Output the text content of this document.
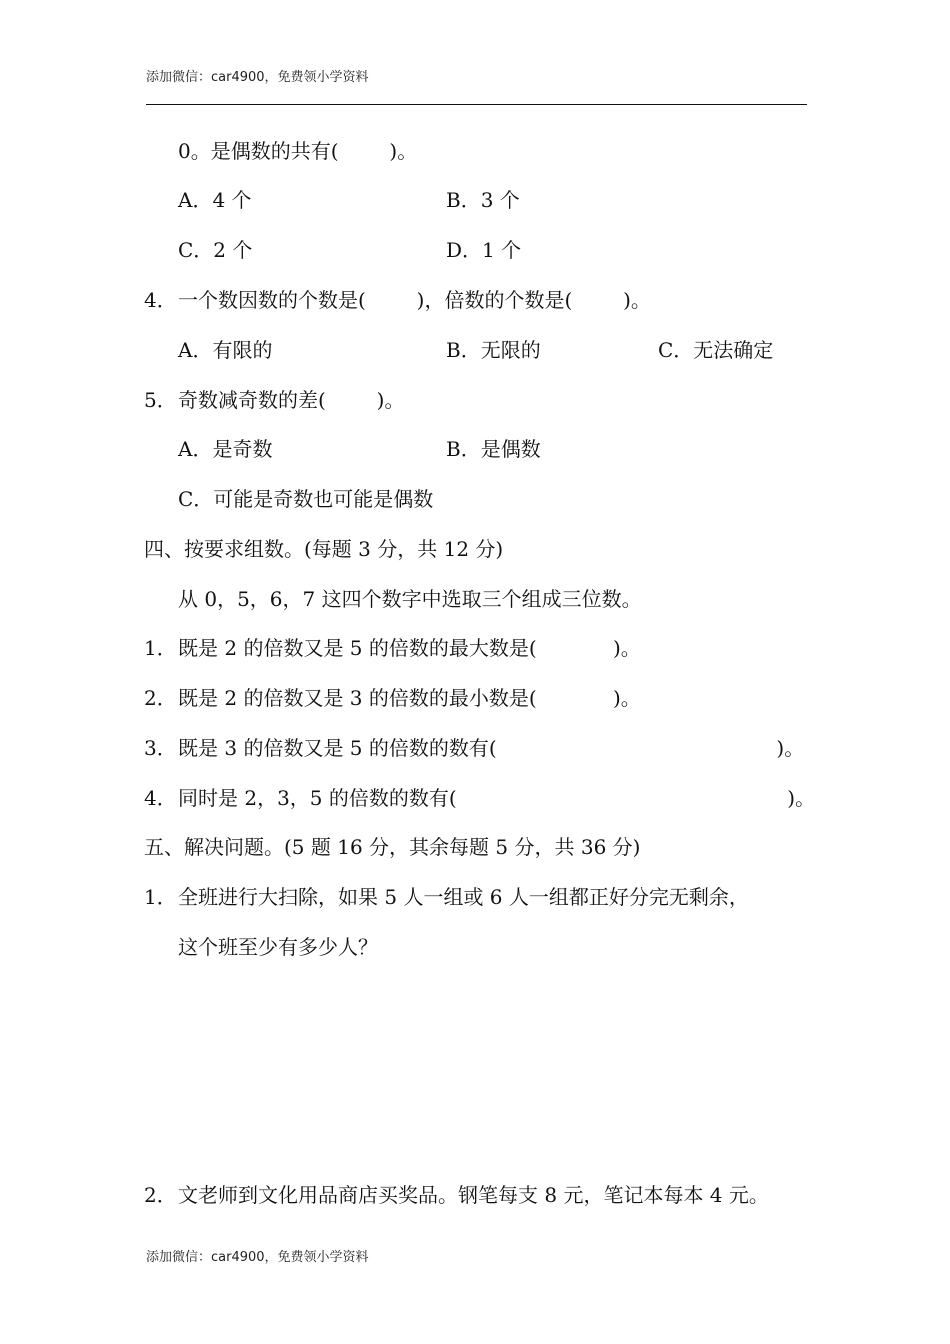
添加微信：car4900，免费领小学资料
0。是偶数的共有(        )。
A．4 个	B．3 个
C．2 个	D．1 个
4．一个数因数的个数是(        )，倍数的个数是(        )。
A．有限的	B．无限的	C．无法确定
5．奇数减奇数的差(        )。
A．是奇数	B．是偶数
C．可能是奇数也可能是偶数
四、按要求组数。(每题 3 分，共 12 分)
从 0，5，6，7 这四个数字中选取三个组成三位数。
1．既是 2 的倍数又是 5 的倍数的最大数是(            )。
2．既是 2 的倍数又是 3 的倍数的最小数是(            )。
3．既是 3 的倍数又是 5 的倍数的数有(                                            )。
4．同时是 2，3，5 的倍数的数有(                                                    )。
五、解决问题。(5 题 16 分，其余每题 5 分，共 36 分)
1．全班进行大扫除，如果 5 人一组或 6 人一组都正好分完无剩余，
这个班至少有多少人？
2．文老师到文化用品商店买奖品。钢笔每支 8 元，笔记本每本 4 元。
添加微信：car4900，免费领小学资料
